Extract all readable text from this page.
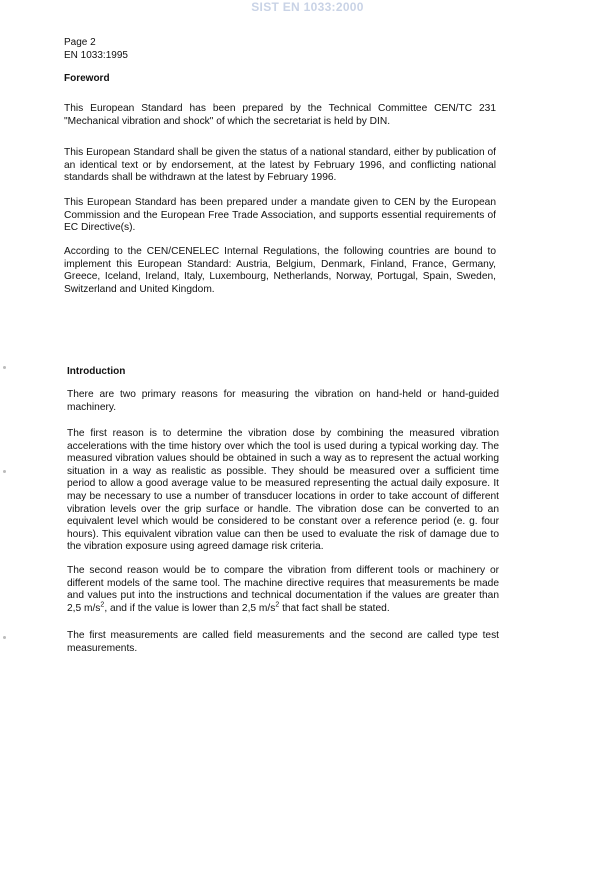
SIST EN 1033:2000
Page 2
EN 1033:1995
Foreword

This European Standard has been prepared by the Technical Committee CEN/TC 231 "Mechanical vibration and shock" of which the secretariat is held by DIN.

This European Standard shall be given the status of a national standard, either by publication of an identical text or by endorsement, at the latest by February 1996, and conflicting national standards shall be withdrawn at the latest by February 1996.

This European Standard has been prepared under a mandate given to CEN by the European Commission and the European Free Trade Association, and supports essential requirements of EC Directive(s).

According to the CEN/CENELEC Internal Regulations, the following countries are bound to implement this European Standard: Austria, Belgium, Denmark, Finland, France, Germany, Greece, Iceland, Ireland, Italy, Luxembourg, Netherlands, Norway, Portugal, Spain, Sweden, Switzerland and United Kingdom.

Introduction

There are two primary reasons for measuring the vibration on hand-held or hand-guided machinery.

The first reason is to determine the vibration dose by combining the measured vibration accelerations with the time history over which the tool is used during a typical working day. The measured vibration values should be obtained in such a way as to represent the actual working situation in a way as realistic as possible. They should be measured over a sufficient time period to allow a good average value to be measured representing the actual daily exposure. It may be necessary to use a number of transducer locations in order to take account of different vibration levels over the grip surface or handle. The vibration dose can be converted to an equivalent level which would be considered to be constant over a reference period (e. g. four hours). This equivalent vibration value can then be used to evaluate the risk of damage due to the vibration exposure using agreed damage risk criteria.

The second reason would be to compare the vibration from different tools or machinery or different models of the same tool. The machine directive requires that measurements be made and values put into the instructions and technical documentation if the values are greater than 2,5 $m/s^2$, and if the value is lower than 2,5 $m/s^2$ that fact shall be stated.

The first measurements are called field measurements and the second are called type test measurements.
